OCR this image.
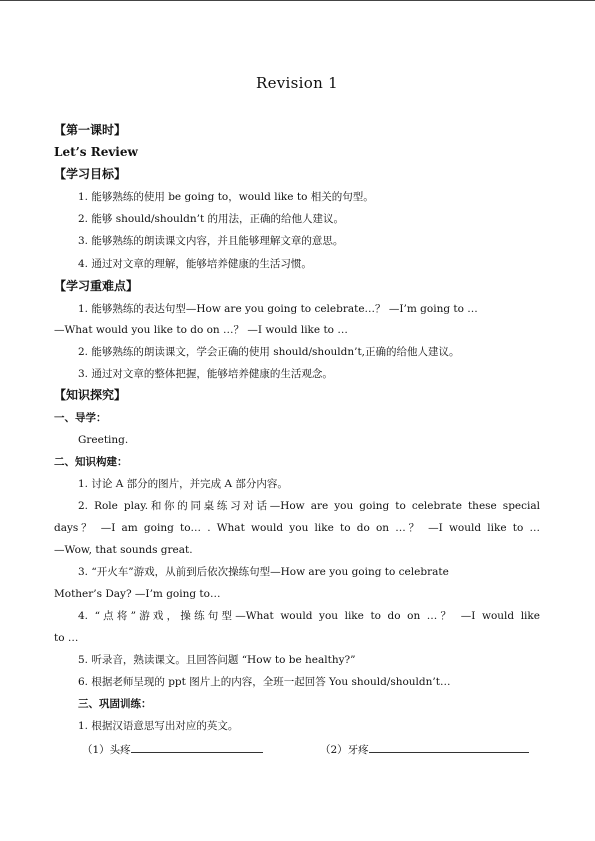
Revision 1
【第一课时】
Let’s Review
【学习目标】
1. 能够熟练的使用 be going to，would like to 相关的句型。
2. 能够 should/shouldn’t 的用法，正确的给他人建议。
3. 能够熟练的朗读课文内容，并且能够理解文章的意思。
4. 通过对文章的理解，能够培养健康的生活习惯。
【学习重难点】
1. 能够熟练的表达句型—How are you going to celebrate…？ —I’m going to …
—What would you like to do on …？ —I would like to …
2. 能够熟练的朗读课文，学会正确的使用 should/shouldn’t,正确的给他人建议。
3. 通过对文章的整体把握，能够培养健康的生活观念。
【知识探究】
一、导学：
Greeting.
二、知识构建：
1. 讨论 A 部分的图片，并完成 A 部分内容。
2. Role play.和你的同桌练习对话—How are you going to celebrate these special
days？ —I am going to… . What would you like to do on …？ —I would like to …
—Wow, that sounds great.
3. “开火车”游戏，从前到后依次操练句型—How are you going to celebrate
Mother’s Day? —I’m going to…
4. “点将”游戏，操练句型—What would you like to do on …？ —I would like
to …
5. 听录音，熟读课文。且回答问题 “How to be healthy?”
6. 根据老师呈现的 ppt 图片上的内容，全班一起回答 You should/shouldn’t…
三、巩固训练：
1. 根据汉语意思写出对应的英文。
（1）头疼	（2）牙疼
